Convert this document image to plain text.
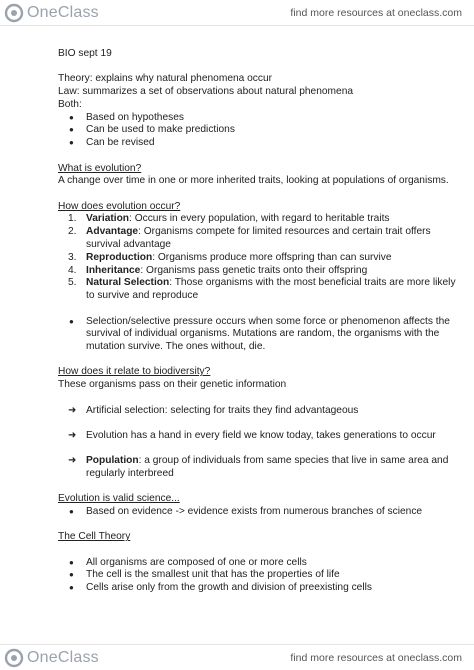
OneClass	find more resources at oneclass.com

BIO sept 19

Theory: explains why natural phenomena occur

Law: summarizes a set of observations about natural phenomena

Both:

● Based on hypotheses
● Can be used to make predictions
● Can be revised

What is evolution?

A change over time in one or more inherited traits, looking at populations of organisms.

How does evolution occur?

1. Variation: Occurs in every population, with regard to heritable traits
2. Advantage: Organisms compete for limited resources and certain trait offers survival advantage
3. Reproduction: Organisms produce more offspring than can survive
4. Inheritance: Organisms pass genetic traits onto their offspring
5. Natural Selection: Those organisms with the most beneficial traits are more likely to survive and reproduce
● Selection/selective pressure occurs when some force or phenomenon affects the survival of individual organisms. Mutations are random, the organisms with the mutation survive. The ones without, die.

How does it relate to biodiversity?

These organisms pass on their genetic information

➜ Artificial selection: selecting for traits they find advantageous
➜ Evolution has a hand in every field we know today, takes generations to occur
➜ Population: a group of individuals from same species that live in same area and regularly interbreed

Evolution is valid science...

● Based on evidence -> evidence exists from numerous branches of science

The Cell Theory

● All organisms are composed of one or more cells
● The cell is the smallest unit that has the properties of life
● Cells arise only from the growth and division of preexisting cells
OneClass	find more resources at oneclass.com
